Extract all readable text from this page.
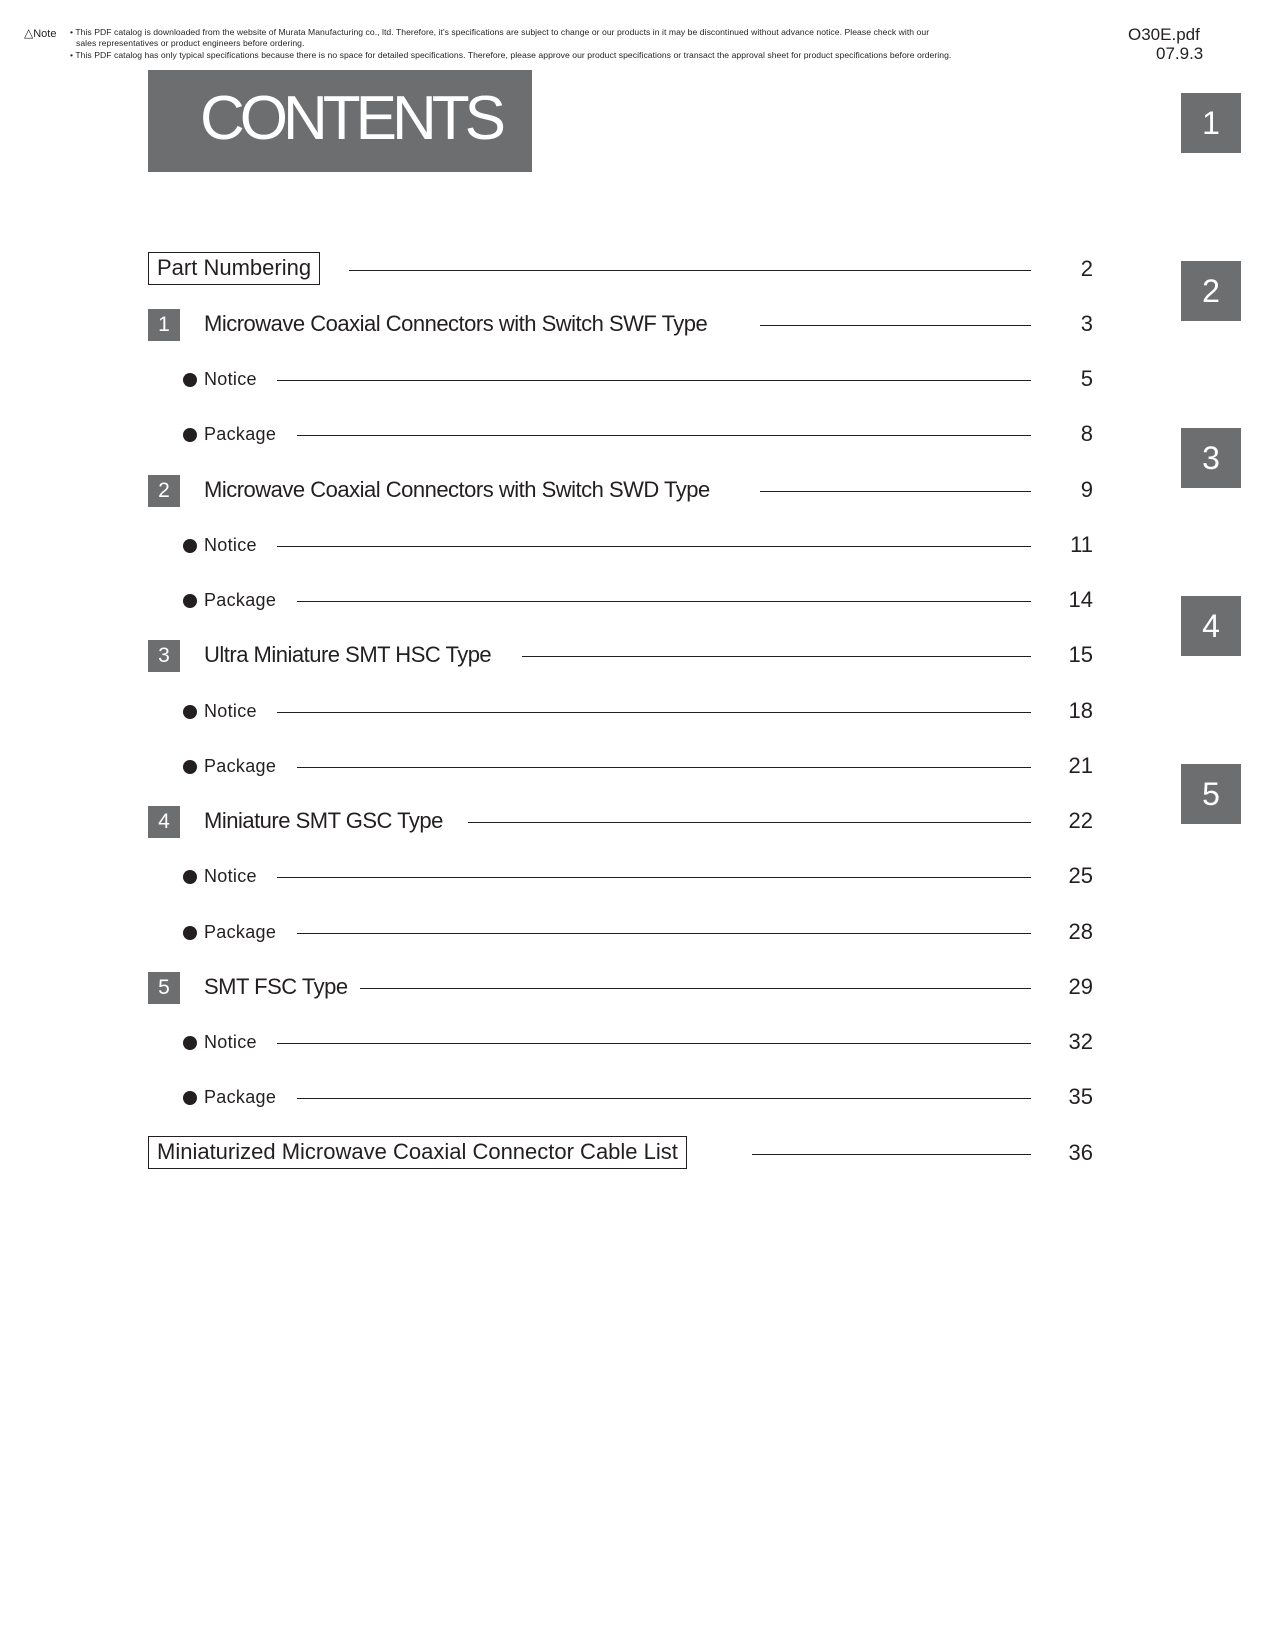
△Note • This PDF catalog is downloaded from the website of Murata Manufacturing co., ltd. Therefore, it's specifications are subject to change or our products in it may be discontinued without advance notice. Please check with our
sales representatives or product engineers before ordering.
• This PDF catalog has only typical specifications because there is no space for detailed specifications. Therefore, please approve our product specifications or transact the approval sheet for product specifications before ordering.
O30E.pdf
07.9.3
CONTENTS	1
2
3
4
5
Part Numbering	2
1	Microwave Coaxial Connectors with Switch SWF Type	3
Notice	5
Package	8
2	Microwave Coaxial Connectors with Switch SWD Type	9
Notice	11
Package	14
3	Ultra Miniature SMT HSC Type	15
Notice	18
Package	21
4	Miniature SMT GSC Type	22
Notice	25
Package	28
5	SMT FSC Type	29
Notice	32
Package	35
Miniaturized Microwave Coaxial Connector Cable List	36
